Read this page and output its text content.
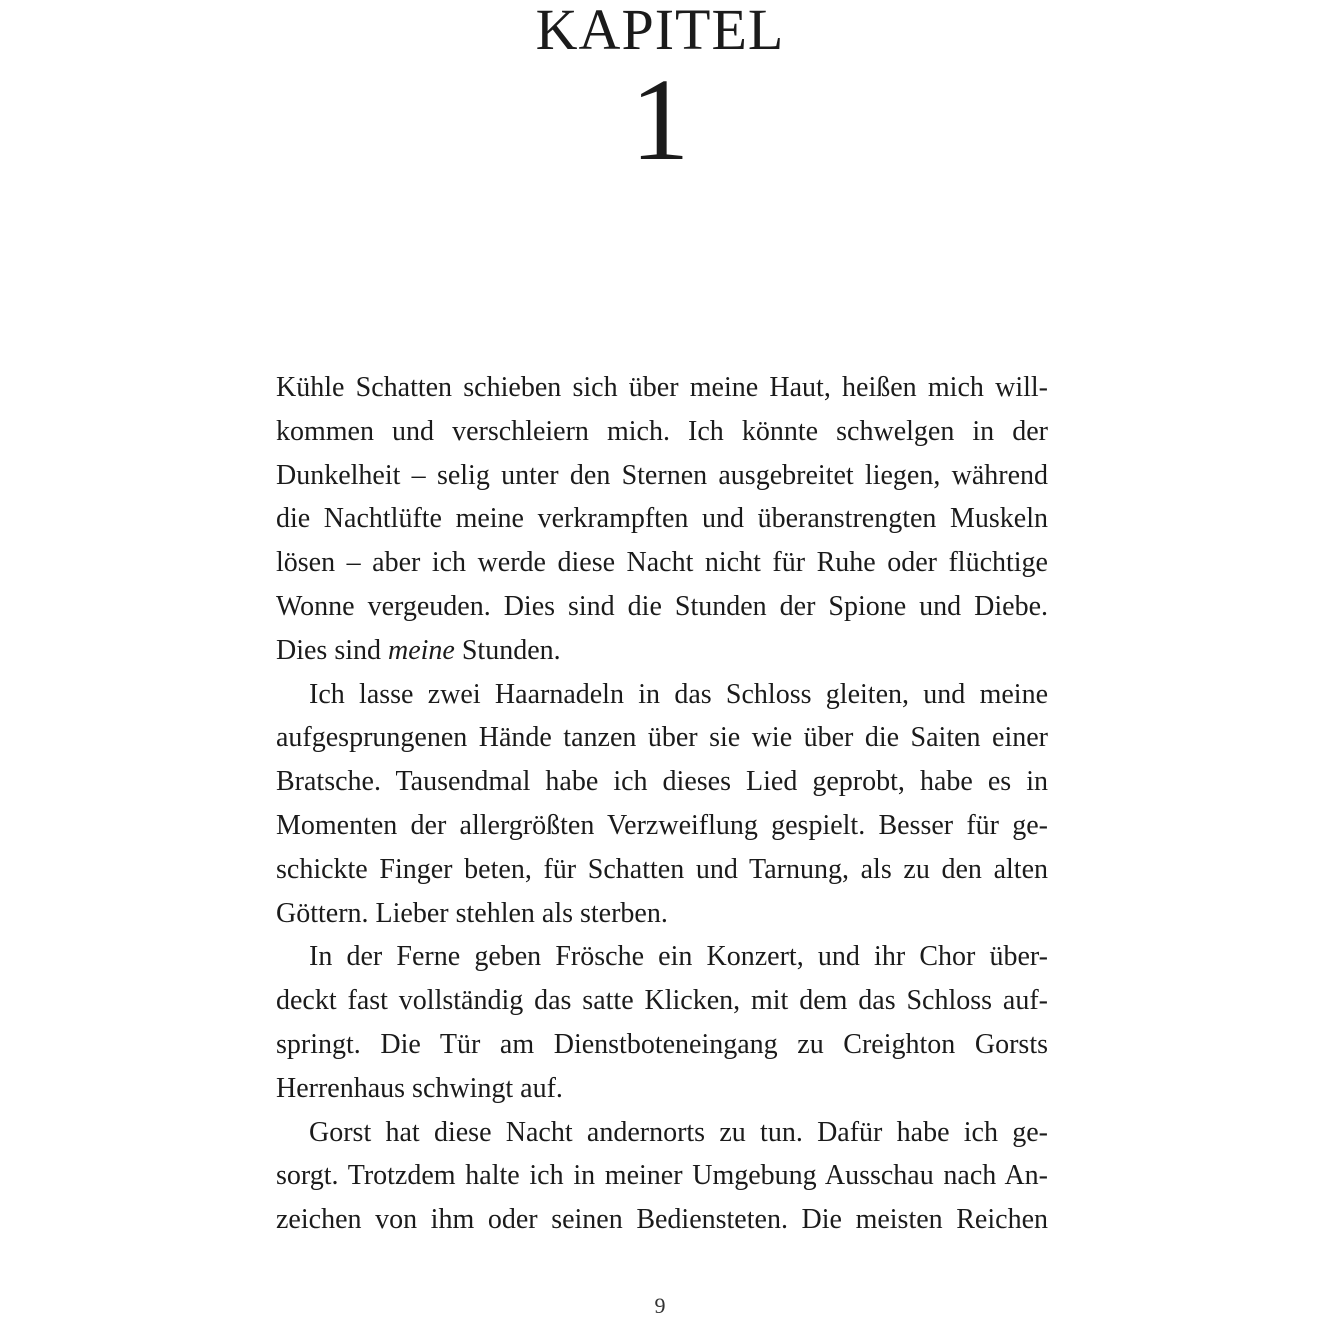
KAPITEL
1
Kühle Schatten schieben sich über meine Haut, heißen mich will-
kommen und verschleiern mich. Ich könnte schwelgen in der
Dunkelheit – selig unter den Sternen ausgebreitet liegen, während
die Nachtlüfte meine verkrampften und überanstrengten Muskeln
lösen – aber ich werde diese Nacht nicht für Ruhe oder flüchtige
Wonne vergeuden. Dies sind die Stunden der Spione und Diebe.
Dies sind meine Stunden.
Ich lasse zwei Haarnadeln in das Schloss gleiten, und meine
aufgesprungenen Hände tanzen über sie wie über die Saiten einer
Bratsche. Tausendmal habe ich dieses Lied geprobt, habe es in
Momenten der allergrößten Verzweiflung gespielt. Besser für ge-
schickte Finger beten, für Schatten und Tarnung, als zu den alten
Göttern. Lieber stehlen als sterben.
In der Ferne geben Frösche ein Konzert, und ihr Chor über-
deckt fast vollständig das satte Klicken, mit dem das Schloss auf-
springt. Die Tür am Dienstboteneingang zu Creighton Gorsts
Herrenhaus schwingt auf.
Gorst hat diese Nacht andernorts zu tun. Dafür habe ich ge-
sorgt. Trotzdem halte ich in meiner Umgebung Ausschau nach An-
zeichen von ihm oder seinen Bediensteten. Die meisten Reichen
9
